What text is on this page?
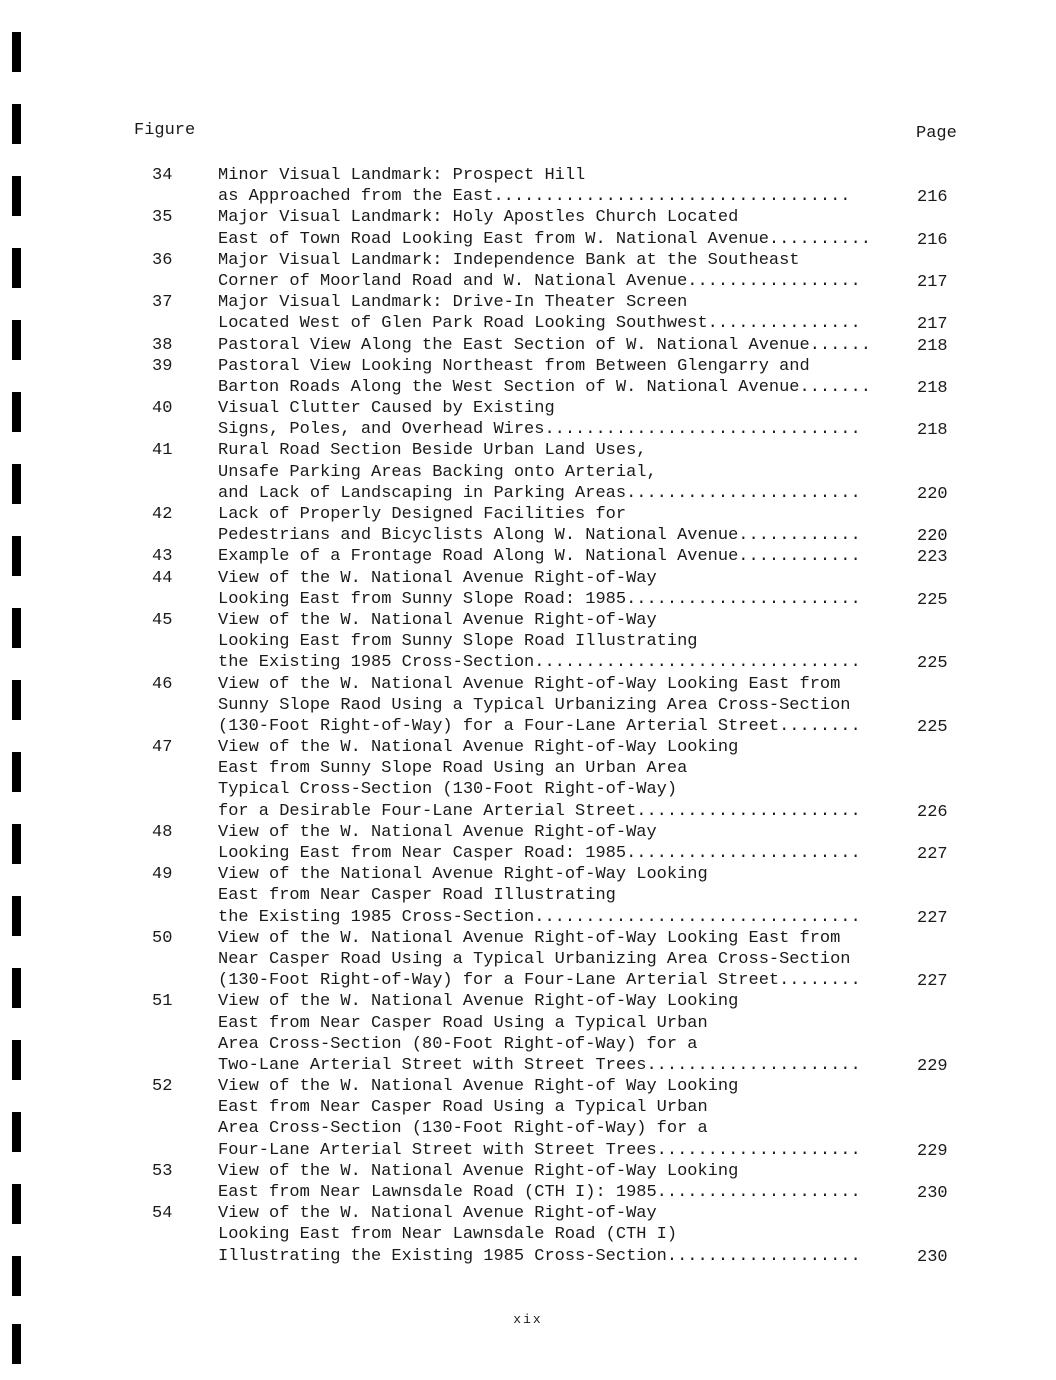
Figure	Page
34	Minor Visual Landmark: Prospect Hill
as Approached from the East...................................	216
35	Major Visual Landmark: Holy Apostles Church Located
East of Town Road Looking East from W. National Avenue..........	216
36	Major Visual Landmark: Independence Bank at the Southeast
Corner of Moorland Road and W. National Avenue.................	217
37	Major Visual Landmark: Drive-In Theater Screen
Located West of Glen Park Road Looking Southwest...............	217
38	Pastoral View Along the East Section of W. National Avenue......	218
39	Pastoral View Looking Northeast from Between Glengarry and
Barton Roads Along the West Section of W. National Avenue.......	218
40	Visual Clutter Caused by Existing
Signs, Poles, and Overhead Wires...............................	218
41	Rural Road Section Beside Urban Land Uses,
Unsafe Parking Areas Backing onto Arterial,
and Lack of Landscaping in Parking Areas.......................	220
42	Lack of Properly Designed Facilities for
Pedestrians and Bicyclists Along W. National Avenue............	220
43	Example of a Frontage Road Along W. National Avenue............	223
44	View of the W. National Avenue Right-of-Way
Looking East from Sunny Slope Road: 1985.......................	225
45	View of the W. National Avenue Right-of-Way
Looking East from Sunny Slope Road Illustrating
the Existing 1985 Cross-Section................................	225
46	View of the W. National Avenue Right-of-Way Looking East from
Sunny Slope Raod Using a Typical Urbanizing Area Cross-Section
(130-Foot Right-of-Way) for a Four-Lane Arterial Street........	225
47	View of the W. National Avenue Right-of-Way Looking
East from Sunny Slope Road Using an Urban Area
Typical Cross-Section (130-Foot Right-of-Way)
for a Desirable Four-Lane Arterial Street......................	226
48	View of the W. National Avenue Right-of-Way
Looking East from Near Casper Road: 1985.......................	227
49	View of the National Avenue Right-of-Way Looking
East from Near Casper Road Illustrating
the Existing 1985 Cross-Section................................	227
50	View of the W. National Avenue Right-of-Way Looking East from
Near Casper Road Using a Typical Urbanizing Area Cross-Section
(130-Foot Right-of-Way) for a Four-Lane Arterial Street........	227
51	View of the W. National Avenue Right-of-Way Looking
East from Near Casper Road Using a Typical Urban
Area Cross-Section (80-Foot Right-of-Way) for a
Two-Lane Arterial Street with Street Trees.....................	229
52	View of the W. National Avenue Right-of Way Looking
East from Near Casper Road Using a Typical Urban
Area Cross-Section (130-Foot Right-of-Way) for a
Four-Lane Arterial Street with Street Trees....................	229
53	View of the W. National Avenue Right-of-Way Looking
East from Near Lawnsdale Road (CTH I): 1985....................	230
54	View of the W. National Avenue Right-of-Way
Looking East from Near Lawnsdale Road (CTH I)
Illustrating the Existing 1985 Cross-Section...................	230
xix
